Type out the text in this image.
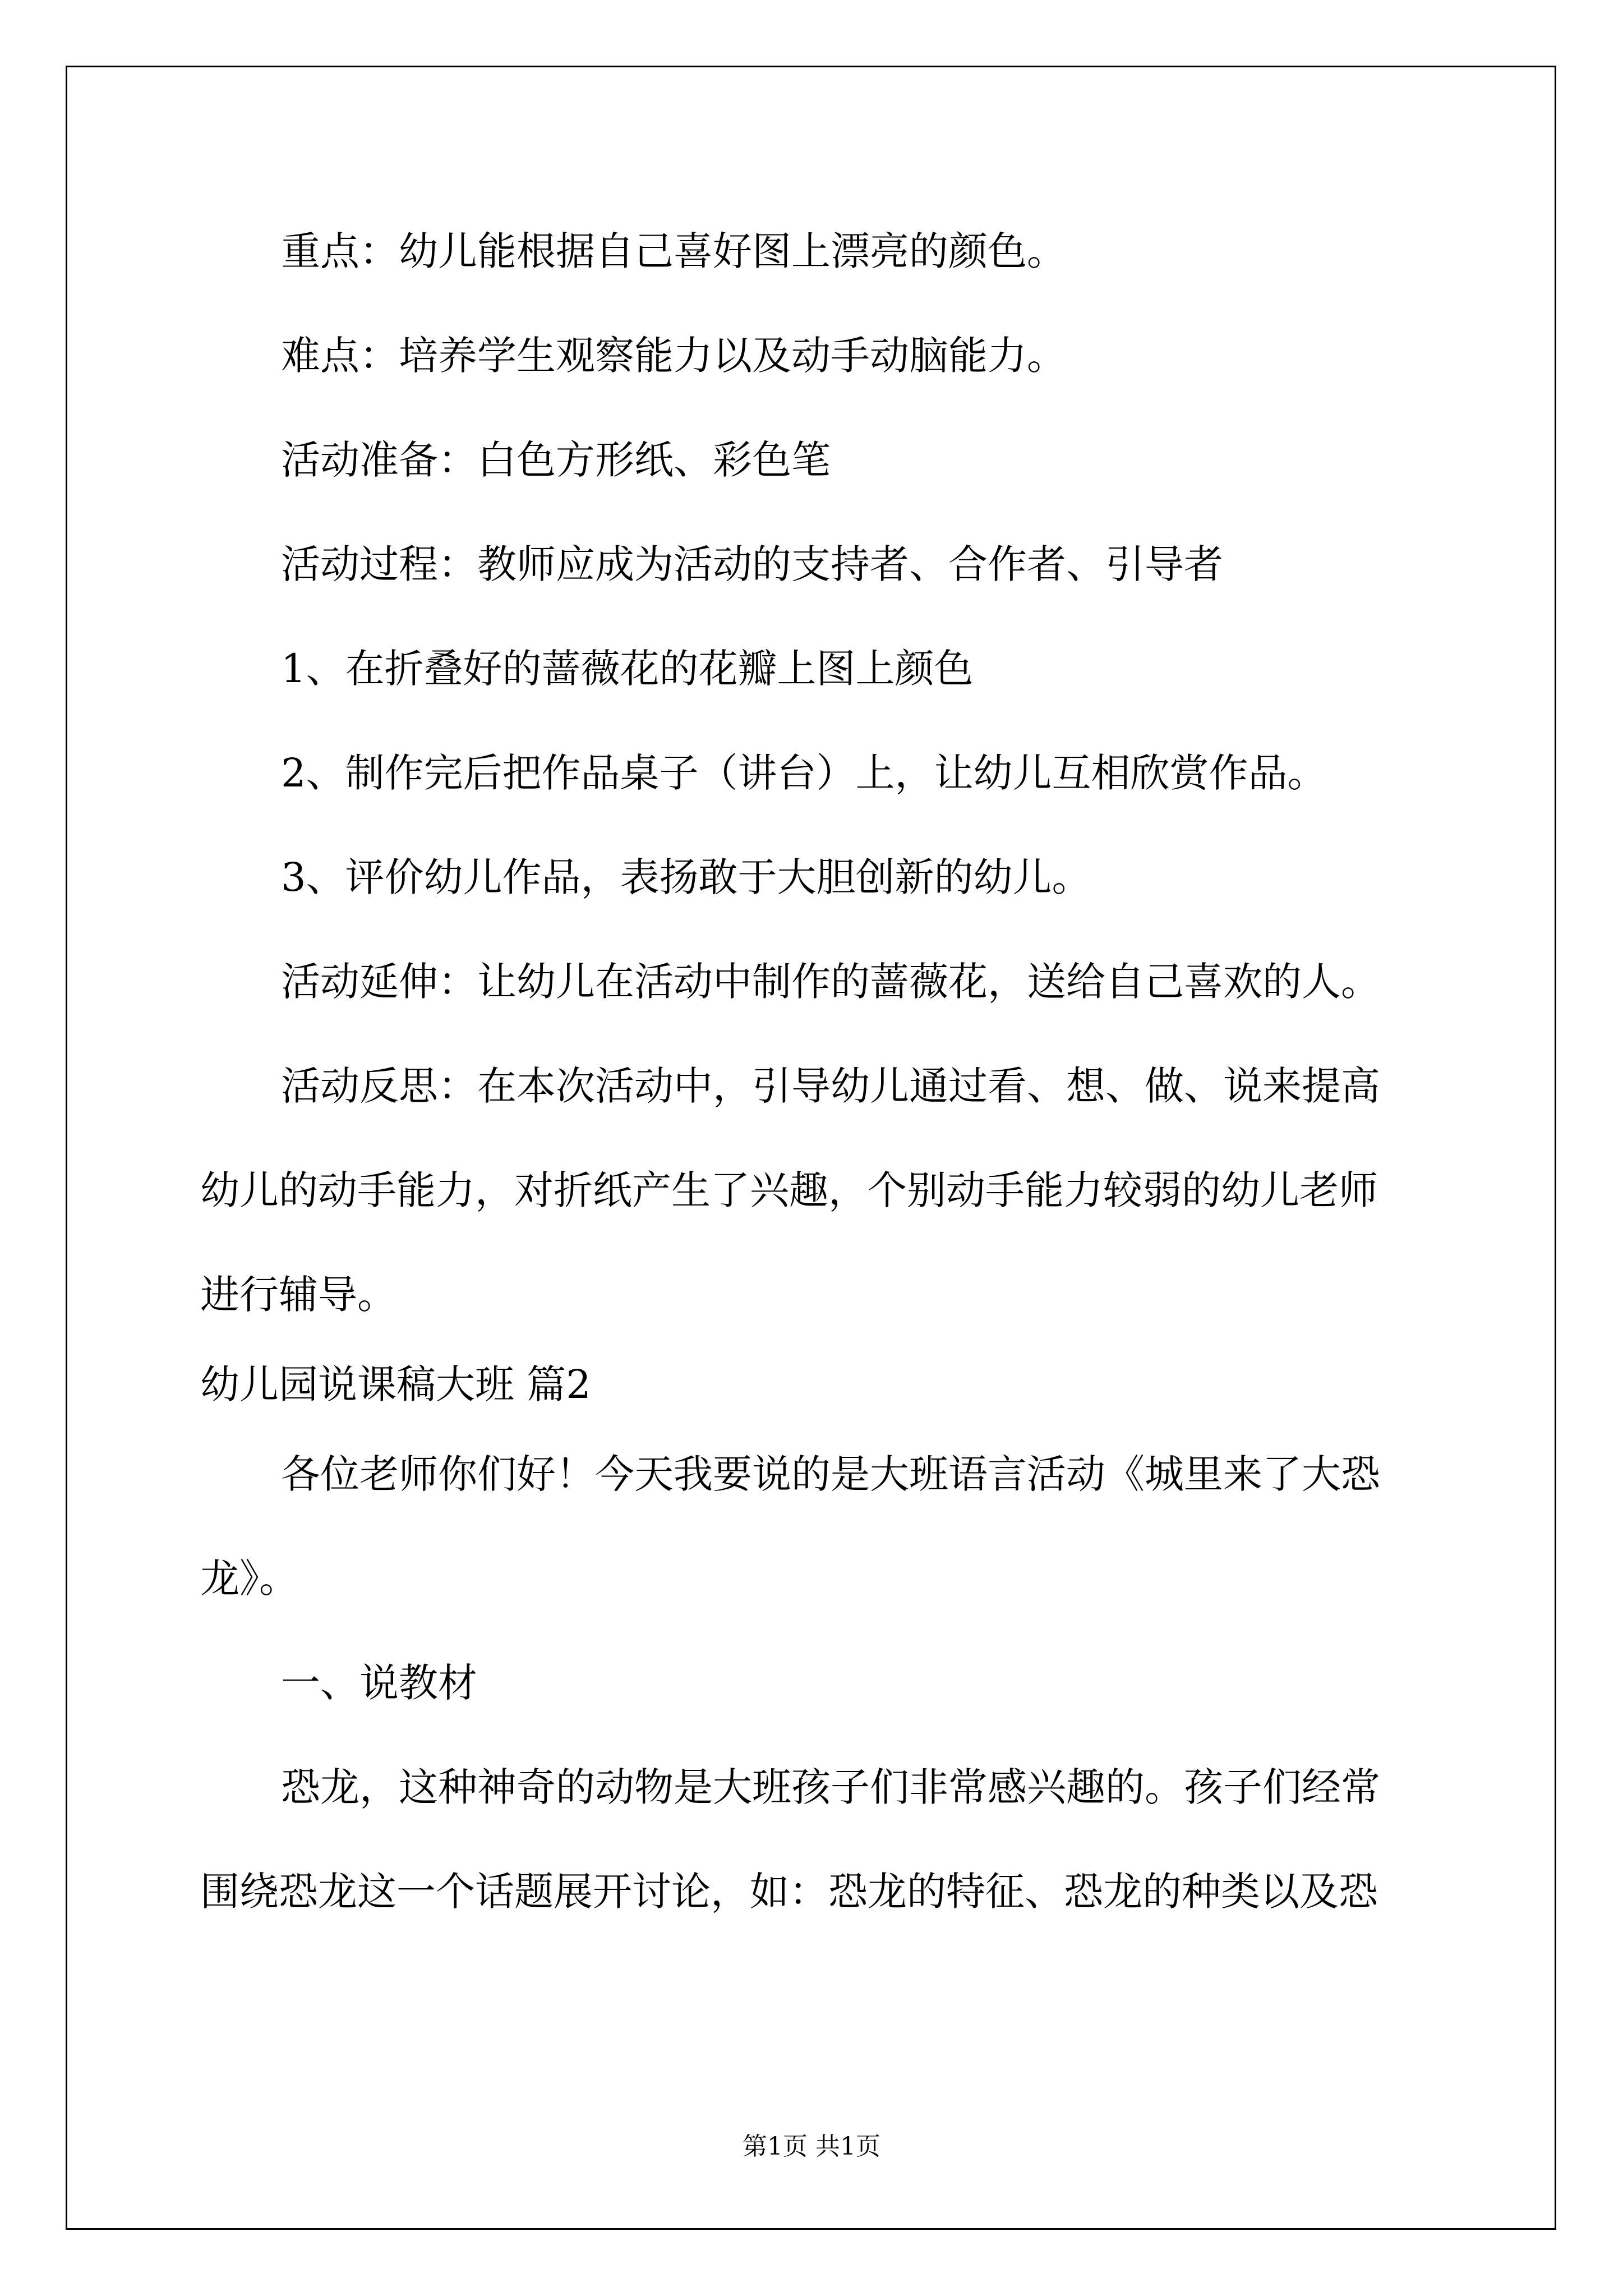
重点：幼儿能根据自己喜好图上漂亮的颜色。

难点：培养学生观察能力以及动手动脑能力。

活动准备：白色方形纸、彩色笔

活动过程：教师应成为活动的支持者、合作者、引导者

1、在折叠好的蔷薇花的花瓣上图上颜色

2、制作完后把作品桌子（讲台）上，让幼儿互相欣赏作品。

3、评价幼儿作品，表扬敢于大胆创新的幼儿。

活动延伸：让幼儿在活动中制作的蔷薇花，送给自己喜欢的人。

活动反思：在本次活动中，引导幼儿通过看、想、做、说来提高

幼儿的动手能力，对折纸产生了兴趣，个别动手能力较弱的幼儿老师

进行辅导。

幼儿园说课稿大班 篇2

各位老师你们好！今天我要说的是大班语言活动《城里来了大恐

龙》。

一、说教材

恐龙，这种神奇的动物是大班孩子们非常感兴趣的。孩子们经常

围绕恐龙这一个话题展开讨论，如：恐龙的特征、恐龙的种类以及恐

第1页 共1页
